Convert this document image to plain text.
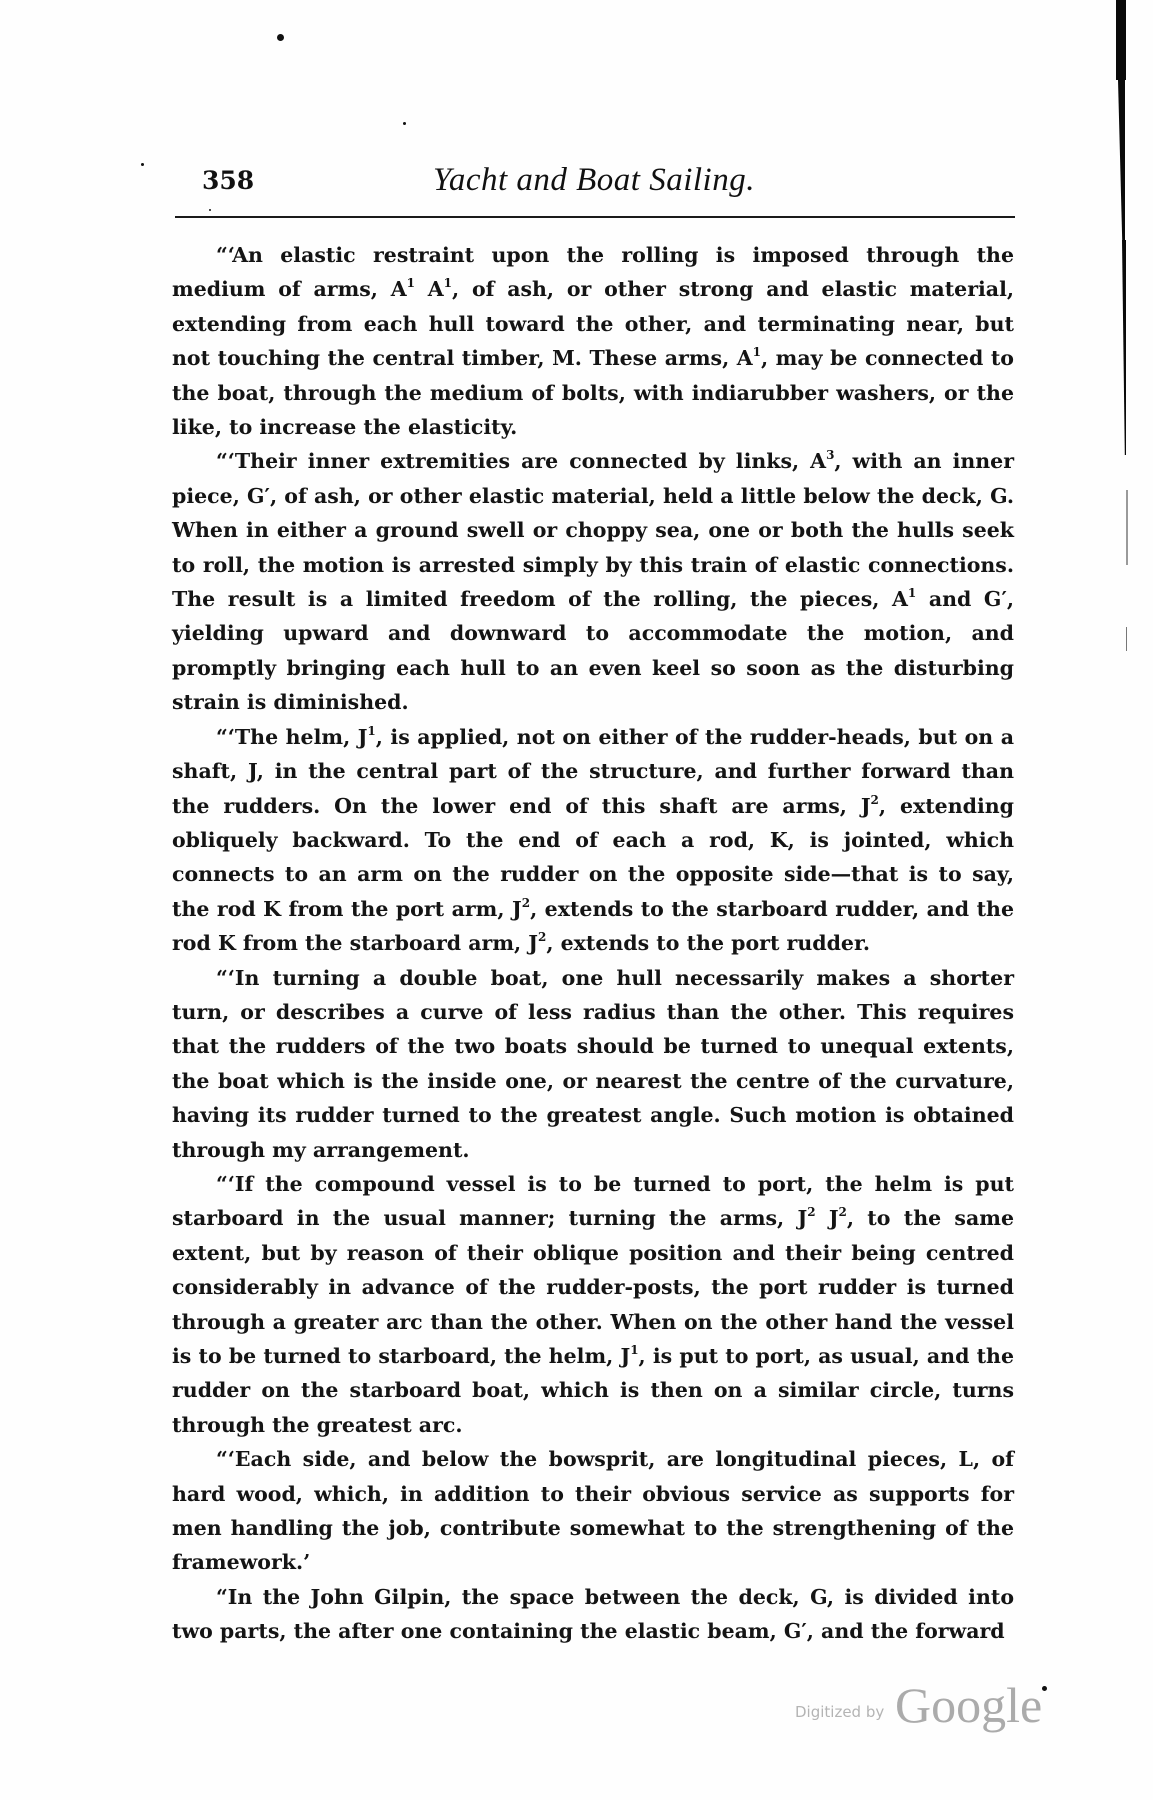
358	Yacht and Boat Sailing.

“‘An elastic restraint upon the rolling is imposed through the medium of arms, $A^1$ $A^1$, of ash, or other strong and elastic material, extending from each hull toward the other, and terminating near, but not touching the central timber, M. These arms, $A^1$, may be connected to the boat, through the medium of bolts, with indiarubber washers, or the like, to increase the elasticity.

“‘Their inner extremities are connected by links, $A^3$, with an inner piece, G′, of ash, or other elastic material, held a little below the deck, G. When in either a ground swell or choppy sea, one or both the hulls seek to roll, the motion is arrested simply by this train of elastic connections. The result is a limited freedom of the rolling, the pieces, $A^1$ and G′, yielding upward and downward to accommodate the motion, and promptly bringing each hull to an even keel so soon as the disturbing strain is diminished.

“‘The helm, $J^1$, is applied, not on either of the rudder-heads, but on a shaft, J, in the central part of the structure, and further forward than the rudders. On the lower end of this shaft are arms, $J^2$, extending obliquely backward. To the end of each a rod, K, is jointed, which connects to an arm on the rudder on the opposite side—that is to say, the rod K from the port arm, $J^2$, extends to the starboard rudder, and the rod K from the starboard arm, $J^2$, extends to the port rudder.

“‘In turning a double boat, one hull necessarily makes a shorter turn, or describes a curve of less radius than the other. This requires that the rudders of the two boats should be turned to unequal extents, the boat which is the inside one, or nearest the centre of the curvature, having its rudder turned to the greatest angle. Such motion is obtained through my arrangement.

“‘If the compound vessel is to be turned to port, the helm is put starboard in the usual manner; turning the arms, $J^2$ $J^2$, to the same extent, but by reason of their oblique position and their being centred considerably in advance of the rudder-posts, the port rudder is turned through a greater arc than the other. When on the other hand the vessel is to be turned to starboard, the helm, $J^1$, is put to port, as usual, and the rudder on the starboard boat, which is then on a similar circle, turns through the greatest arc.

“‘Each side, and below the bowsprit, are longitudinal pieces, L, of hard wood, which, in addition to their obvious service as supports for men handling the job, contribute somewhat to the strengthening of the framework.’

“In the John Gilpin, the space between the deck, G, is divided into two parts, the after one containing the elastic beam, G′, and the forward

Digitized by Google
